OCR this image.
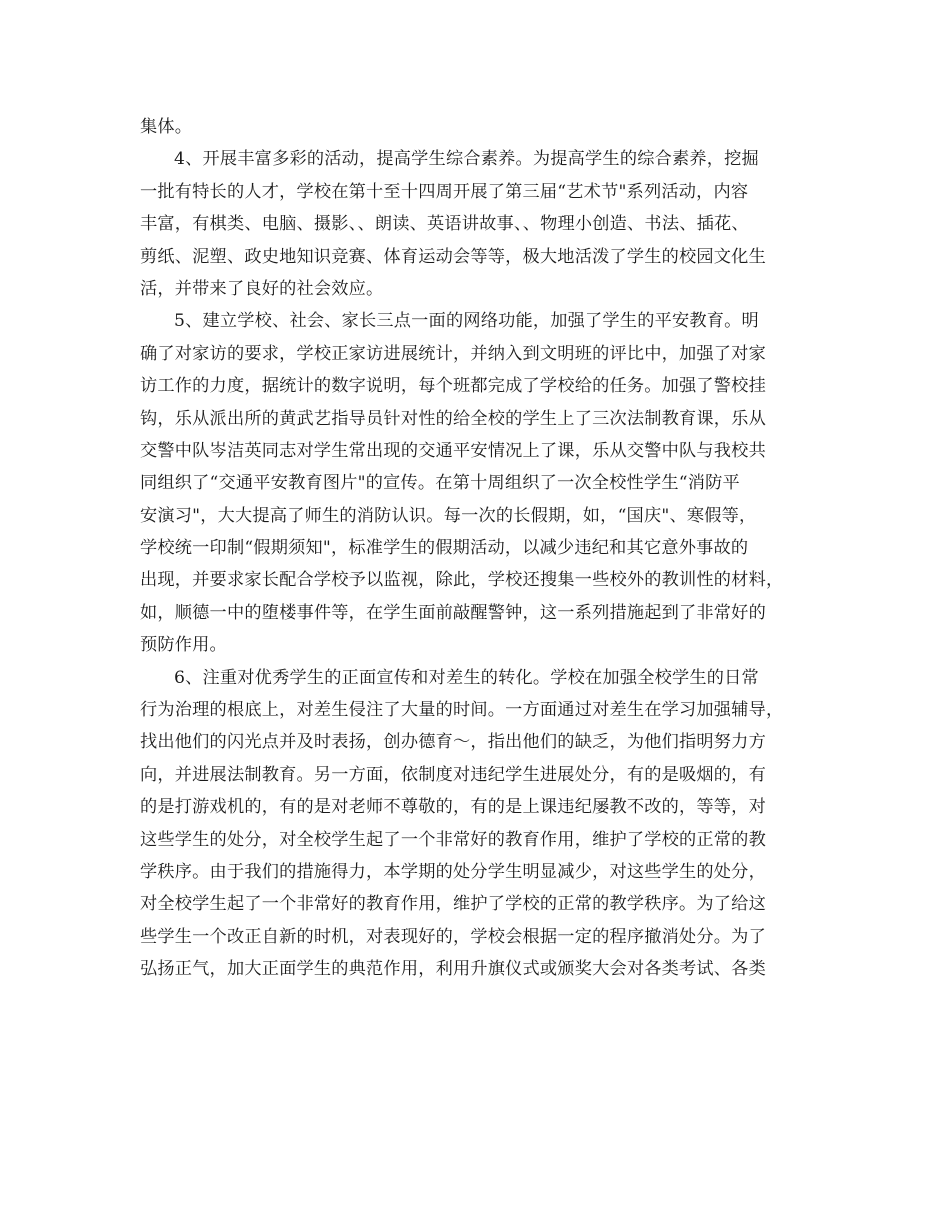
集体。
4、开展丰富多彩的活动，提高学生综合素养。为提高学生的综合素养，挖掘
一批有特长的人才，学校在第十至十四周开展了第三届“艺术节"系列活动，内容
丰富，有棋类、电脑、摄影、、朗读、英语讲故事、、物理小创造、书法、插花、
剪纸、泥塑、政史地知识竞赛、体育运动会等等，极大地活泼了学生的校园文化生
活，并带来了良好的社会效应。
5、建立学校、社会、家长三点一面的网络功能，加强了学生的平安教育。明
确了对家访的要求，学校正家访进展统计，并纳入到文明班的评比中，加强了对家
访工作的力度，据统计的数字说明，每个班都完成了学校给的任务。加强了警校挂
钩，乐从派出所的黄武艺指导员针对性的给全校的学生上了三次法制教育课，乐从
交警中队岑洁英同志对学生常出现的交通平安情况上了课，乐从交警中队与我校共
同组织了“交通平安教育图片"的宣传。在第十周组织了一次全校性学生“消防平
安演习"，大大提高了师生的消防认识。每一次的长假期，如，“国庆"、寒假等，
学校统一印制“假期须知"，标准学生的假期活动，以减少违纪和其它意外事故的
出现，并要求家长配合学校予以监视，除此，学校还搜集一些校外的教训性的材料，
如，顺德一中的堕楼事件等，在学生面前敲醒警钟，这一系列措施起到了非常好的
预防作用。
6、注重对优秀学生的正面宣传和对差生的转化。学校在加强全校学生的日常
行为治理的根底上，对差生侵注了大量的时间。一方面通过对差生在学习加强辅导，
找出他们的闪光点并及时表扬，创办德育～，指出他们的缺乏，为他们指明努力方
向，并进展法制教育。另一方面，依制度对违纪学生进展处分，有的是吸烟的，有
的是打游戏机的，有的是对老师不尊敬的，有的是上课违纪屡教不改的，等等，对
这些学生的处分，对全校学生起了一个非常好的教育作用，维护了学校的正常的教
学秩序。由于我们的措施得力，本学期的处分学生明显减少，对这些学生的处分，
对全校学生起了一个非常好的教育作用，维护了学校的正常的教学秩序。为了给这
些学生一个改正自新的时机，对表现好的，学校会根据一定的程序撤消处分。为了
弘扬正气，加大正面学生的典范作用，利用升旗仪式或颁奖大会对各类考试、各类
